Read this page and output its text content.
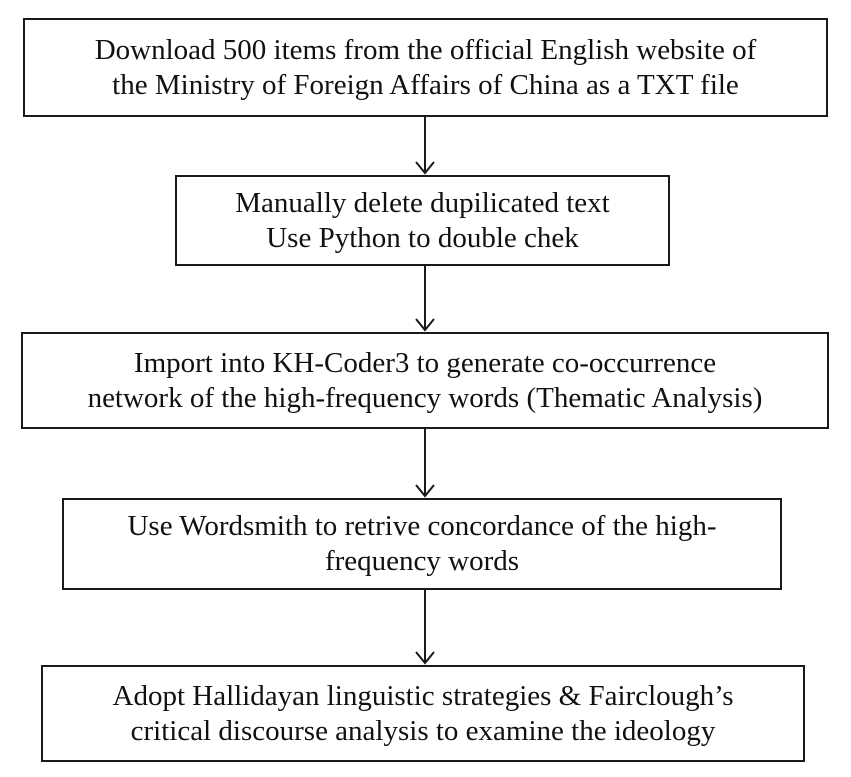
Download 500 items from the official English website of
the Ministry of Foreign Affairs of China as a TXT file
Manually delete dupilicated text
Use Python to double chek
Import into KH-Coder3 to generate co-occurrence
network of the high-frequency words (Thematic Analysis)
Use Wordsmith to retrive concordance of the high-
frequency words
Adopt Hallidayan linguistic strategies & Fairclough’s
critical discourse analysis to examine the ideology
